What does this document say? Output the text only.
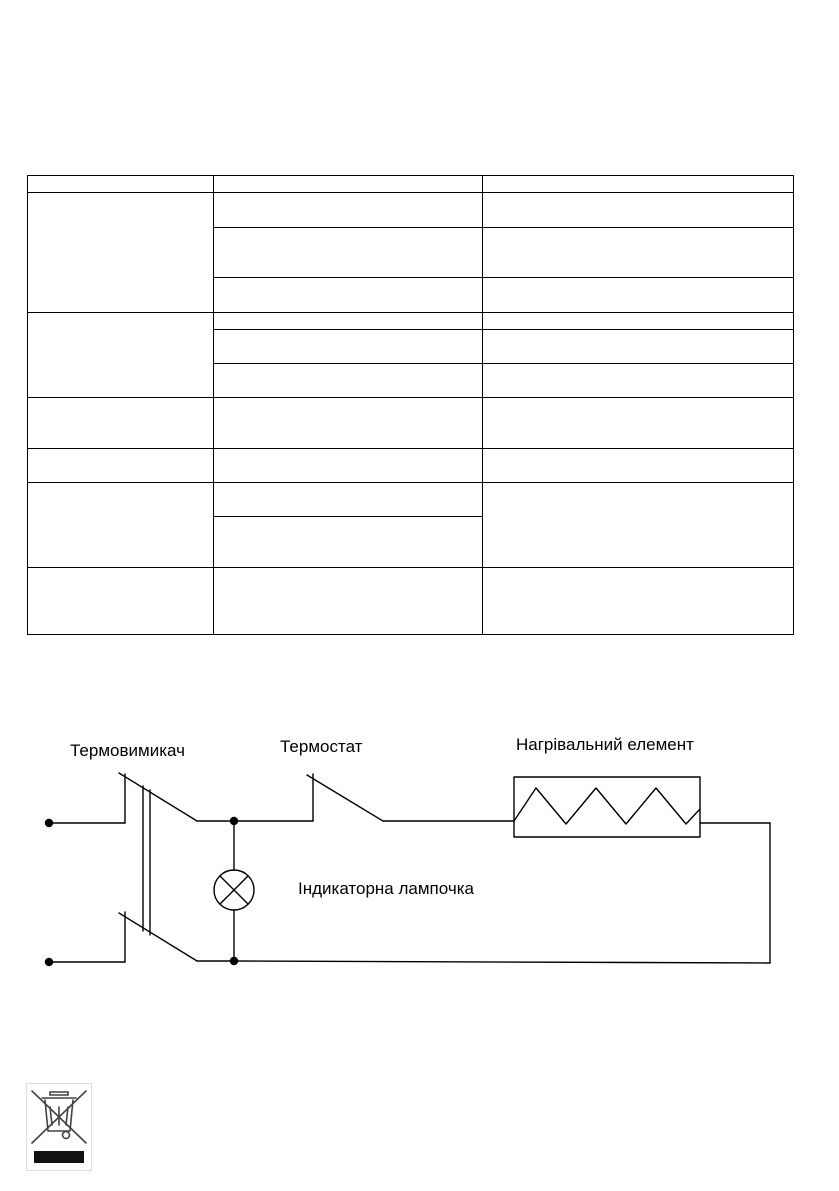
Термовимикач	Термостат	Нагрівальний елемент
Індикаторна лампочка
